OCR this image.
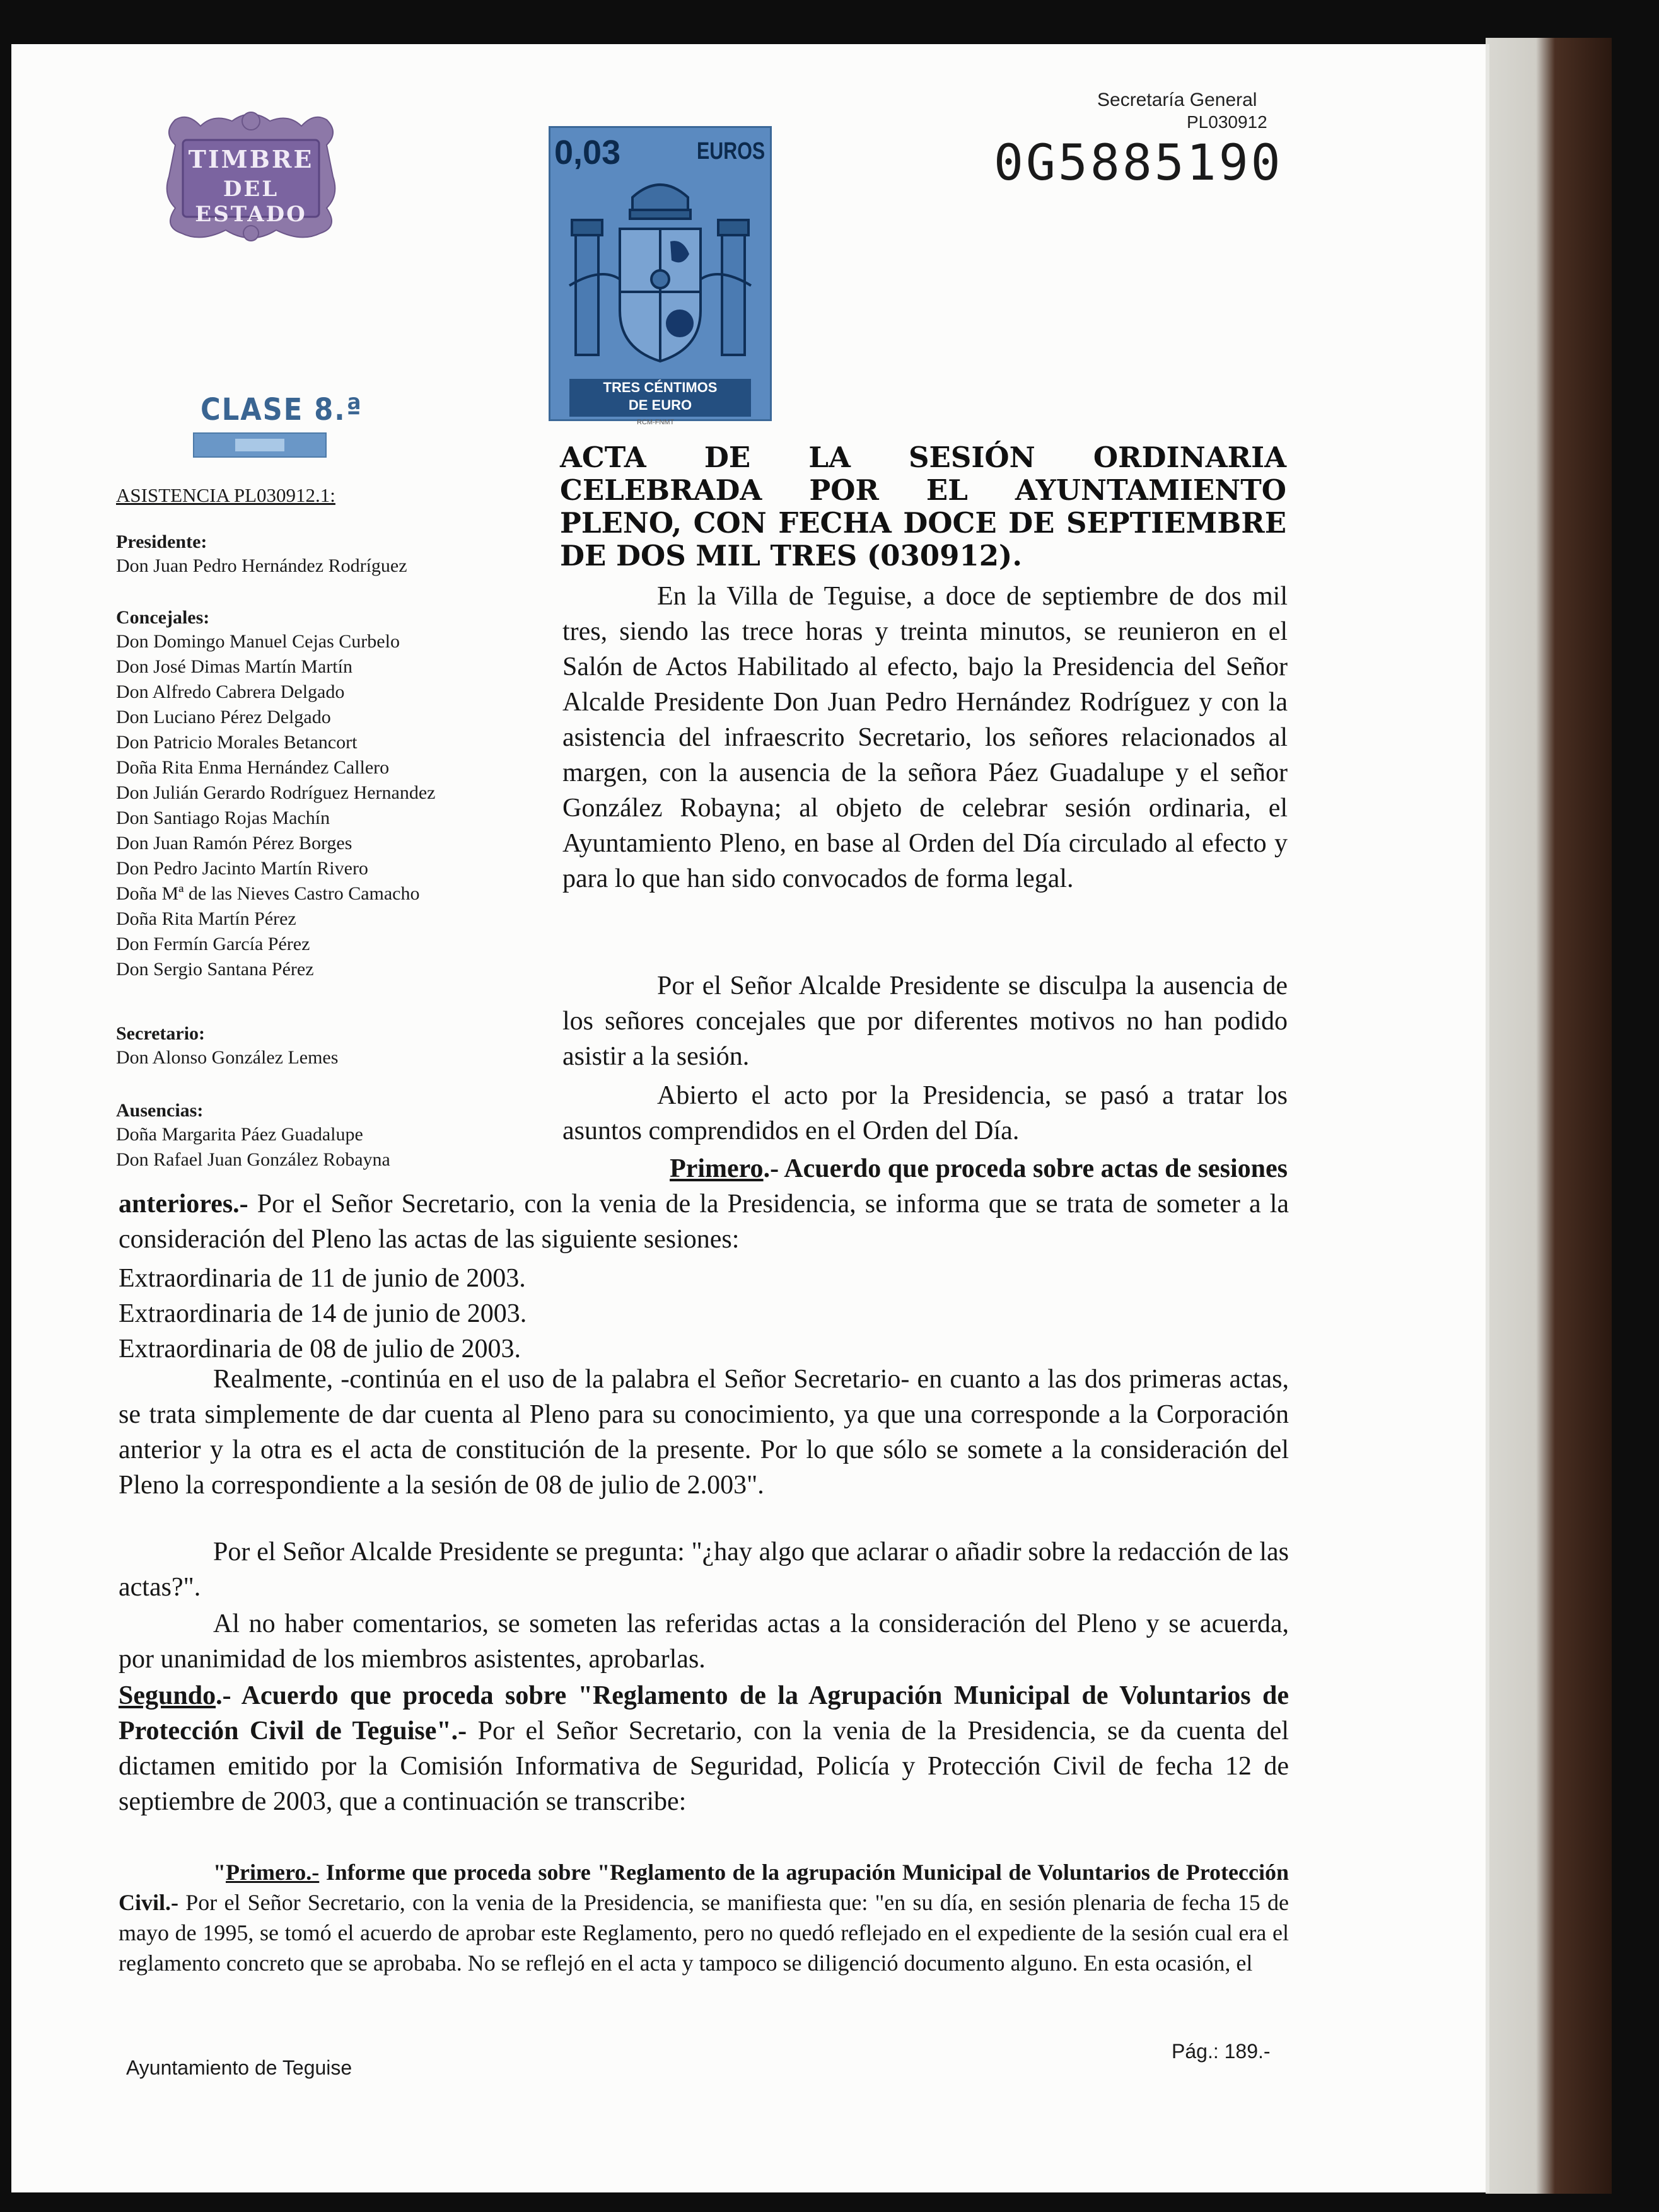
Secretaría General
PL030912
0G5885190
TIMBRE
DEL ESTADO
CLASE 8.ª
0,03	EUROS
TRES CÉNTIMOS
DE EURO
RCM-FNMT
ASISTENCIA PL030912.1:
Presidente:
Don Juan Pedro Hernández Rodríguez
Concejales:
Don Domingo Manuel Cejas Curbelo
Don José Dimas Martín Martín
Don Alfredo Cabrera Delgado
Don Luciano Pérez Delgado
Don Patricio Morales Betancort
Doña Rita Enma Hernández Callero
Don Julián Gerardo Rodríguez Hernandez
Don Santiago Rojas Machín
Don Juan Ramón Pérez Borges
Don Pedro Jacinto Martín Rivero
Doña Mª de las Nieves Castro Camacho
Doña Rita Martín Pérez
Don Fermín García Pérez
Don Sergio Santana Pérez
Secretario:
Don Alonso González Lemes
Ausencias:
Doña Margarita Páez Guadalupe
Don Rafael Juan González Robayna
ACTA DE LA SESIÓN ORDINARIA CELEBRADA POR EL AYUNTAMIENTO PLENO, CON FECHA DOCE DE SEPTIEMBRE DE DOS MIL TRES (030912).
En la Villa de Teguise, a doce de septiembre de dos mil tres, siendo las trece horas y treinta minutos, se reunieron en el Salón de Actos Habilitado al efecto, bajo la Presidencia del Señor Alcalde Presidente Don Juan Pedro Hernández Rodríguez y con la asistencia del infraescrito Secretario, los señores relacionados al margen, con la ausencia de la señora Páez Guadalupe y el señor González Robayna; al objeto de celebrar sesión ordinaria, el Ayuntamiento Pleno, en base al Orden del Día circulado al efecto y para lo que han sido convocados de forma legal.
Por el Señor Alcalde Presidente se disculpa la ausencia de los señores concejales que por diferentes motivos no han podido asistir a la sesión.
Abierto el acto por la Presidencia, se pasó a tratar los asuntos comprendidos en el Orden del Día.
Primero.- Acuerdo que proceda sobre actas de sesiones
anteriores.- Por el Señor Secretario, con la venia de la Presidencia, se informa que se trata de someter a la consideración del Pleno las actas de las siguiente sesiones:
Extraordinaria de 11 de junio de 2003.
Extraordinaria de 14 de junio de 2003.
Extraordinaria de 08 de julio de 2003.
Realmente, -continúa en el uso de la palabra el Señor Secretario- en cuanto a las dos primeras actas, se trata simplemente de dar cuenta al Pleno para su conocimiento, ya que una corresponde a la Corporación anterior y la otra es el acta de constitución de la presente. Por lo que sólo se somete a la consideración del Pleno la correspondiente a la sesión de 08 de julio de 2.003".
Por el Señor Alcalde Presidente se pregunta: "¿hay algo que aclarar o añadir sobre la redacción de las actas?".
Al no haber comentarios, se someten las referidas actas a la consideración del Pleno y se acuerda, por unanimidad de los miembros asistentes, aprobarlas.
Segundo.- Acuerdo que proceda sobre "Reglamento de la Agrupación Municipal de Voluntarios de Protección Civil de Teguise".- Por el Señor Secretario, con la venia de la Presidencia, se da cuenta del dictamen emitido por la Comisión Informativa de Seguridad, Policía y Protección Civil de fecha 12 de septiembre de 2003, que a continuación se transcribe:
"Primero.- Informe que proceda sobre "Reglamento de la agrupación Municipal de Voluntarios de Protección Civil.- Por el Señor Secretario, con la venia de la Presidencia, se manifiesta que: "en su día, en sesión plenaria de fecha 15 de mayo de 1995, se tomó el acuerdo de aprobar este Reglamento, pero no quedó reflejado en el expediente de la sesión cual era el reglamento concreto que se aprobaba. No se reflejó en el acta y tampoco se diligenció documento alguno. En esta ocasión, el
Ayuntamiento de Teguise
Pág.: 189.-
